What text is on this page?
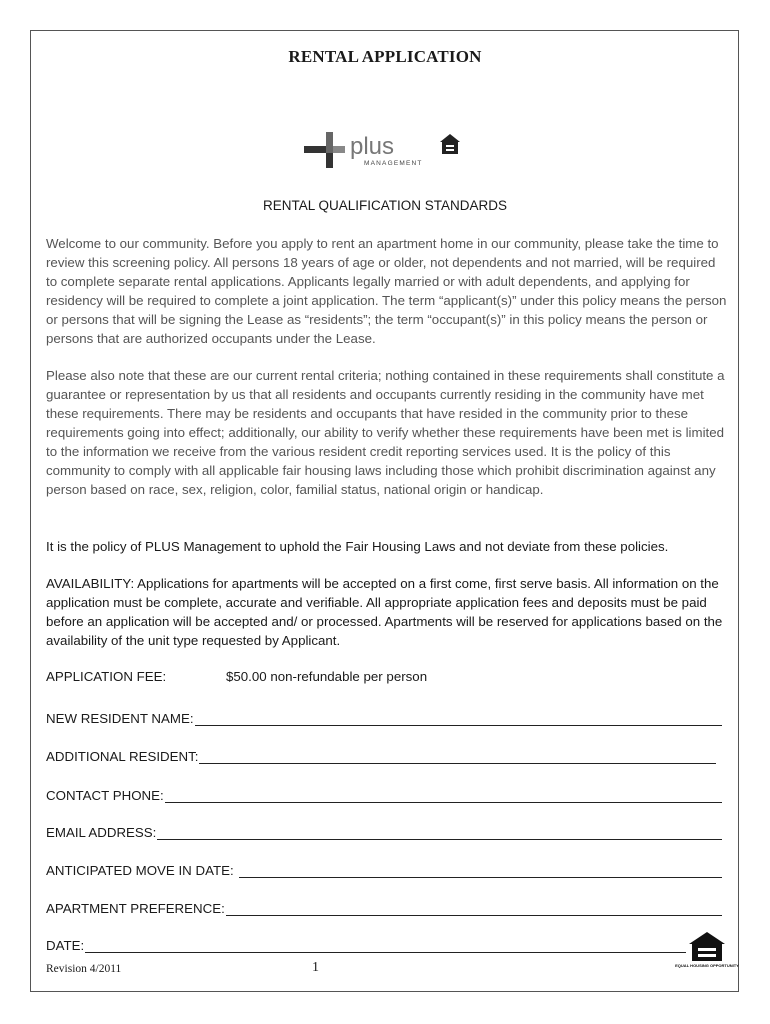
RENTAL APPLICATION
plus
MANAGEMENT
RENTAL QUALIFICATION STANDARDS
Welcome to our community. Before you apply to rent an apartment home in our community, please take the time to review this screening policy. All persons 18 years of age or older, not dependents and not married, will be required to complete separate rental applications. Applicants legally married or with adult dependents, and applying for residency will be required to complete a joint application. The term “applicant(s)” under this policy means the person or persons that will be signing the Lease as “residents”; the term “occupant(s)” in this policy means the person or persons that are authorized occupants under the Lease.
Please also note that these are our current rental criteria; nothing contained in these requirements shall constitute a guarantee or representation by us that all residents and occupants currently residing in the community have met these requirements. There may be residents and occupants that have resided in the community prior to these requirements going into effect; additionally, our ability to verify whether these requirements have been met is limited to the information we receive from the various resident credit reporting services used. It is the policy of this community to comply with all applicable fair housing laws including those which prohibit discrimination against any person based on race, sex, religion, color, familial status, national origin or handicap.
It is the policy of PLUS Management to uphold the Fair Housing Laws and not deviate from these policies.
AVAILABILITY: Applications for apartments will be accepted on a first come, first serve basis. All information on the application must be complete, accurate and verifiable. All appropriate application fees and deposits must be paid before an application will be accepted and/ or processed. Apartments will be reserved for applications based on the availability of the unit type requested by Applicant.
APPLICATION FEE:	$50.00 non-refundable per person
NEW RESIDENT NAME:
ADDITIONAL RESIDENT:
CONTACT PHONE:
EMAIL ADDRESS:
ANTICIPATED MOVE IN DATE:
APARTMENT PREFERENCE:
DATE:
Revision 4/2011	1	EQUAL HOUSING OPPORTUNITY
